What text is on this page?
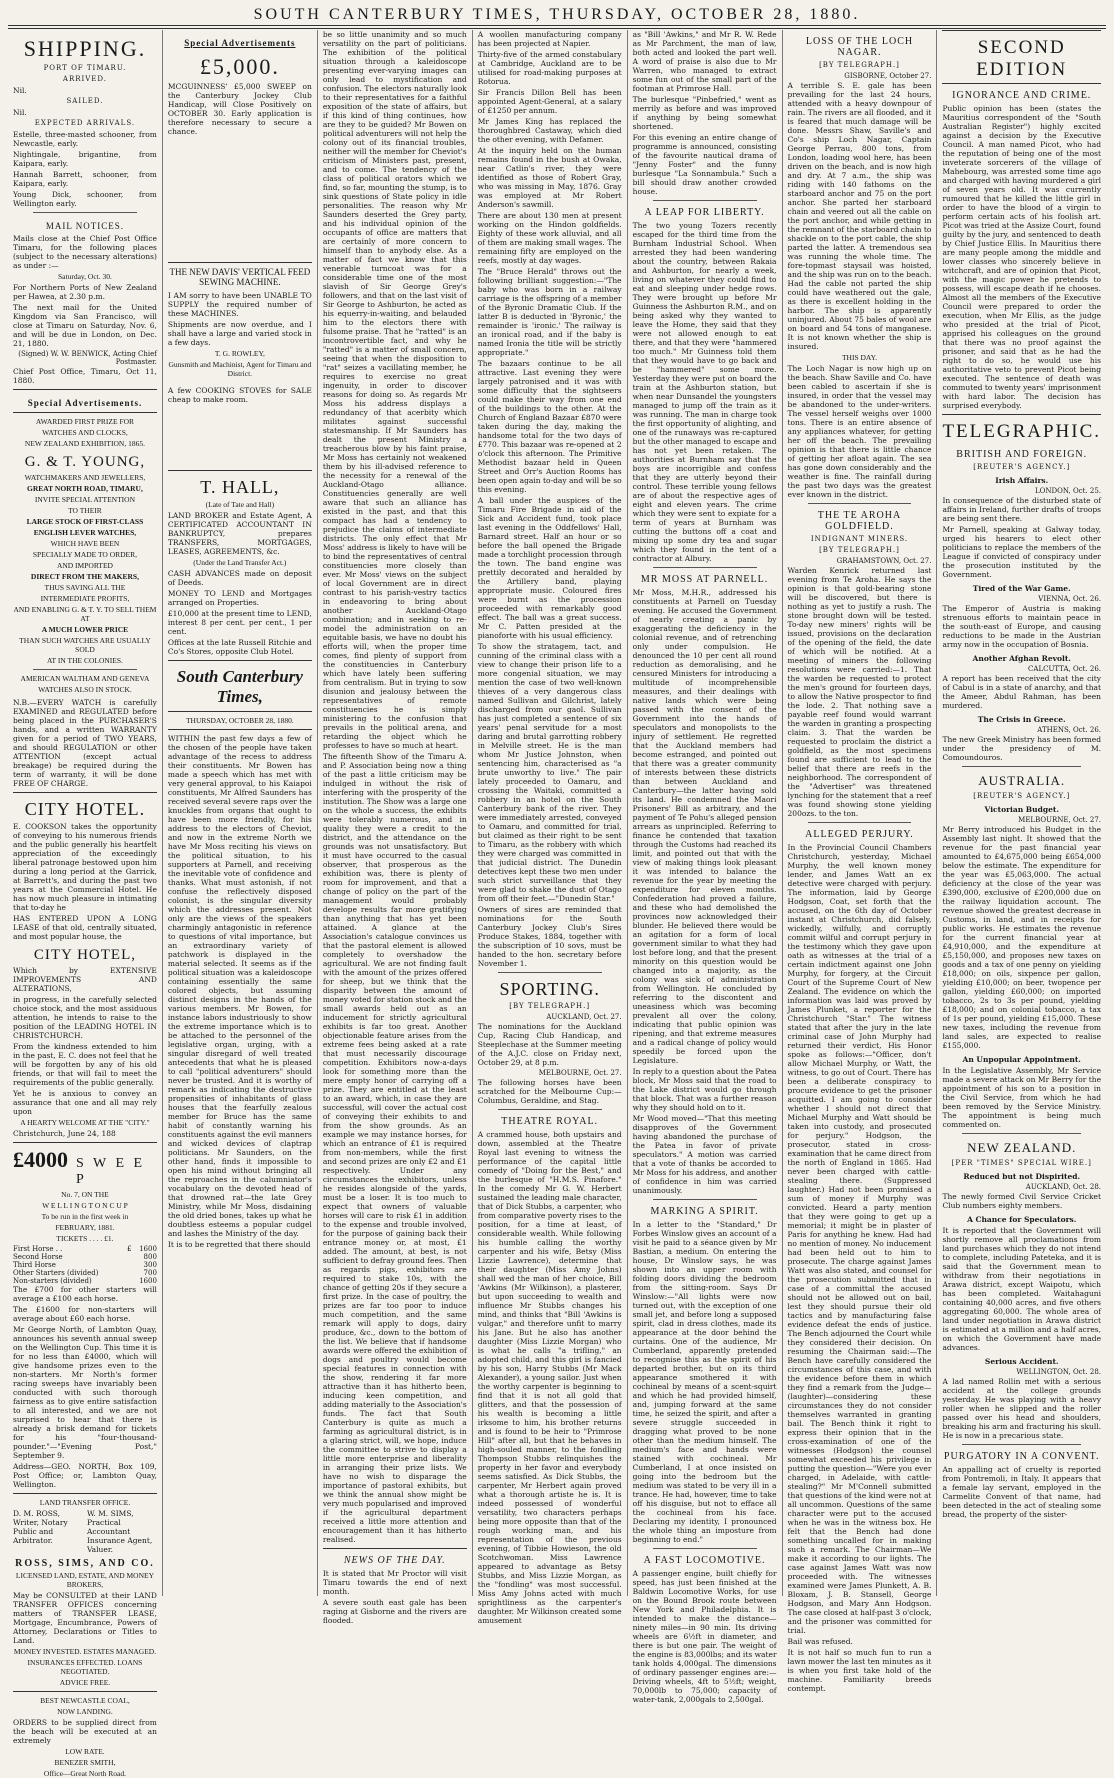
SOUTH CANTERBURY TIMES, THURSDAY, OCTOBER 28, 1880.
SHIPPING.
PORT OF TIMARU.
ARRIVED.

Nil.

SAILED.

Nil.

EXPECTED ARRIVALS.

Estelle, three-masted schooner, from Newcastle, early.

Nightingale, brigantine, from Kaipara, early.

Hannah Barrett, schooner, from Kaipara, early.

Young Dick, schooner, from Wellington early.

MAIL NOTICES.

Mails close at the Chief Post Office Timaru, for the following places (subject to the necessary alterations) as under :—

Saturday, Oct. 30.

For Northern Ports of New Zealand per Hawea, at 2.30 p.m.

The next mail for the United Kingdom via San Francisco, will close at Timaru on Saturday, Nov. 6, and will be due in London, on Dec. 21, 1880.

(Signed) W. W. BENWICK, Acting Chief Postmaster.

Chief Post Office, Timaru, Oct 11, 1880.

Special Advertisements.
AWARDED FIRST PRIZE FOR
WATCHES AND CLOCKS,
NEW ZEALAND EXHIBITION, 1865.
G. & T. YOUNG,
WATCHMAKERS AND JEWELLERS,
GREAT NORTH ROAD, TIMARU,
INVITE SPECIAL ATTENTION
TO THEIR
LARGE STOCK OF FIRST-CLASS
ENGLISH LEVER WATCHES,
WHICH HAVE BEEN
SPECIALLY MADE TO ORDER,
AND IMPORTED
DIRECT FROM THE MAKERS,
THUS SAVING ALL THE
INTERMEDIATE PROFITS,
AND ENABLING G. & T. Y. TO SELL THEM AT
A MUCH LOWER PRICE
THAN SUCH WATCHES ARE USUALLY SOLD
AT IN THE COLONIES.
AMERICAN WALTHAM AND GENEVA
WATCHES ALSO IN STOCK.

N.B.—EVERY WATCH is carefully EXAMINED and REGULATED before being placed in the PURCHASER'S hands, and a written WARRANTY given for a period of TWO YEARS, and should REGULATION or other ATTENTION (except actual breakage) be required during the term of warranty, it will be done FREE OF CHARGE.

CITY HOTEL.

E. COOKSON takes the opportunity of conveying to his numerous friends and the public generally his heartfelt appreciation of the exceedingly liberal patronage bestowed upon him during a long period at the Garrick, at Barrett's, and during the past two years at the Commercial Hotel. He has now much pleasure in intimating that to-day he

HAS ENTERED UPON A LONG LEASE of that old, centrally situated, and most popular house, the

CITY HOTEL,

Which by EXTENSIVE IMPROVEMENTS AND ALTERATIONS,

in progress, in the carefully selected choice stock, and the most assiduous attention, he intends to raise to the position of the LEADING HOTEL IN CHRISTCHURCH.

From the kindness extended to him in the past, E. C. does not feel that he will be forgotten by any of his old friends, or that will fail to meet the requirements of the public generally.

Yet he is anxious to convey an assurance that one and all may rely upon

A HEARTY WELCOME AT THE "CITY."

Christchurch, June 24, 188

£4000 S W E E P
No. 7, ON THE
W E L L I N G T O N C U P
To be run in the first week in
FEBRUARY, 1881.
TICKETS . . . . £1.
First Horse . .	£	1600
Second Horse		800
Third Horse		300
Other Starters (divided)		700
Non-starters (divided)		1600

The £700 for other starters will average a £100 each horse.

The £1600 for non-starters will average about £60 each horse.

Mr George North, of Lambton Quay, announces his seventh annual sweep on the Wellington Cup. This time it is for no less than £4000, which will give handsome prizes even to the non-starters. Mr North's former racing sweeps have invariably been conducted with such thorough fairness as to give entire satisfaction to all interested, and we are not surprised to hear that there is already a brisk demand for tickets for his "four-thousand-pounder."—"Evening Post," September 9.

Address—GEO. NORTH, Box 109, Post Office; or, Lambton Quay, Wellington.

LAND TRANSFER OFFICE.

D. M. ROSS, Writer, Notary Public and Arbitrator.

W. M. SIMS, Practical Accountant Insurance Agent, Valuer.

ROSS, SIMS, AND CO.
LICENSED LAND, ESTATE, AND MONEY BROKERS,

May be CONSULTED at their LAND TRANSFER OFFICES concerning matters of TRANSFER LEASE, Mortgage, Encumbrance, Powers of Attorney, Declarations or Titles to Land.

MONEY INVESTED. ESTATES MANAGED.
INSURANCES EFFECTED. LOANS NEGOTIATED.
ADVICE FREE.
BEST NEWCASTLE COAL,
NOW LANDING.

ORDERS to be supplied direct from the beach will be executed at an extremely

LOW RATE.
BENEZER SMITH,
Office—Great North Road.
Special Advertisements
£5,000.

MCGUINNESS' £5,000 SWEEP on the Canterbury Jockey Club Handicap, will Close Positively on OCTOBER 30. Early application is therefore necessary to secure a chance.

THE NEW DAVIS' VERTICAL FEED SEWING MACHINE.

I AM sorry to have been UNABLE TO SUPPLY the required number of these MACHINES.

Shipments are now overdue, and I shall have a large and varied stock in a few days.

T. G. ROWLEY,
Gunsmith and Machinist, Agent for Timaru and District.

A few COOKING STOVES for SALE cheap to make room.

T. HALL,
(Late of Tate and Hall)

LAND BROKER and Estate Agent, A CERTIFICATED ACCOUNTANT IN BANKRUPTCY, prepares TRANSFERS, MORTGAGES, LEASES, AGREEMENTS, &c.

(Under the Land Transfer Act.)

CASH ADVANCES made on deposit of Deeds.

MONEY TO LEND and Mortgages arranged on Properties.

£10,000 at the present time to LEND, interest 8 per cent. per cent., 1 per cent.

Offices at the late Russell Ritchie and Co's Stores, opposite Club Hotel.

South Canterbury Times,
THURSDAY, OCTOBER 28, 1880.

WITHIN the past few days a few of the chosen of the people have taken advantage of the recess to address their constituents. Mr Bowen has made a speech which has met with very general approval, to his Kaiapoi constituents, Mr Alfred Saunders has received several severe raps over the knuckles from organs that ought to have been more friendly, for his address to the electors of Cheviot, and now in the extreme North we have Mr Moss reciting his views on the political situation, to his supporters at Parnell, and receiving the inevitable vote of confidence and thanks. What must astonish, if not confuse the reflectively disposed colonist, is the singular diversity which the addresses present. Not only are the views of the speakers charmingly antagonistic in reference to questions of vital importance, but an extraordinary variety of patchwork is displayed in the material selected. It seems as if the political situation was a kaleidoscope containing essentially the same colored objects, but assuming distinct designs in the hands of the various members. Mr Bowen, for instance labors industriously to show the extreme importance which is to be attached to the personnel of the legislative organ, urging, with a singular disregard of well treated antecedents that what he is pleased to call "political adventurers" should never be trusted. And it is worthy of remark as indicating the destructive propensities of inhabitants of glass houses that the fearfully zealous member for Bruce has the same habit of constantly warning his constituents against the evil manners and wicked devices of claptrap politicians. Mr Saunders, on the other hand, finds it impossible to open his mind without bringing all the reproaches in the calumniator's vocabulary on the devoted head of that drowned rat—the late Grey Ministry, while Mr Moss, disdaining the old dried bones, takes up what he doubtless esteems a popular cudgel and lashes the Ministry of the day.

It is to be regretted that there should

be so little unanimity and so much versatility on the part of politicians. The exhibition of the political situation through a kaleidoscope presenting ever-varying images can only lead to mystification and confusion. The electors naturally look to their representatives for a faithful exposition of the state of affairs, but if this kind of thing continues, how are they to be guided? Mr Bowen on political adventurers will not help the colony out of its financial troubles, neither will the member for Cheviot's criticism of Ministers past, present, and to come. The tendency of the class of political orators which we find, so far, mounting the stump, is to sink questions of State policy in idle personalities. The reason why Mr Saunders deserted the Grey party, and his individual opinion of the occupants of office are matters that are certainly of more concern to himself than to anybody else. As a matter of fact we know that this venerable turncoat was for a considerable time one of the most slavish of Sir George Grey's followers, and that on the last visit of Sir George to Ashburton, he acted as his equerry-in-waiting, and belauded him to the electors there with fulsome praise. That he "ratted" is an incontrovertible fact, and why he "ratted" is a matter of small concern, seeing that when the disposition to "rat" seizes a vacillating member, he requires to exercise no great ingenuity, in order to discover reasons for doing so. As regards Mr Moss his address displays a redundancy of that acerbity which militates against successful statesmanship. If Mr Saunders has dealt the present Ministry a treacherous blow by his faint praise, Mr Moss has certainly not weakened them by his ill-advised reference to the necessity for a renewal of the Auckland-Otago alliance. Constituencies generally are well aware that such an alliance has existed in the past, and that this compact has had a tendency to prejudice the claims of intermediate districts. The only effect that Mr Moss' address is likely to have will be to bind the representatives of central constituencies more closely than ever. Mr Moss' views on the subject of local Government are in direct contrast to his parish-vestry tactics in endeavoring to bring about another Auckland-Otago combination; and in seeking to re-model the administration on an equitable basis, we have no doubt his efforts will, when the proper time comes, find plenty of support from the constituencies in Canterbury which have lately been suffering from centralism. But in trying to sow disunion and jealousy between the representatives of remote constituencies he is simply ministering to the confusion that prevails in the political arena, and retarding the object which he professes to have so much at heart.

The fifteenth Show of the Timaru A. and P. Association being now a thing of the past a little criticism may be indulged in without the risk of interfering with the prosperity of the institution. The Show was a large one on the whole a success, the exhibits were tolerably numerous, and in quality they were a credit to the district, and the attendance on the grounds was not unsatisfactory. But it must have occurred to the casual observer, that prosperous as the exhibition was, there is plenty of room for improvement, and that a change of policy on the part of the management would probably develope results far more gratifying than anything that has yet been attained. A glance at the Association's catalogue convinces us that the pastoral element is allowed completely to overshadow the agricultural. We are not finding fault with the amount of the prizes offered for sheep, but we think that the disparity between the amount of money voted for station stock and the small awards held out as an inducement for strictly agricultural exhibits is far too great. Another objectionable feature arises from the extreme fees being asked at a rate that must necessarily discourage competition. Exhibitors now-a-days look for something more than the mere empty honor of carrying off a prize. They are entitled at the least to an award, which, in case they are successful, will cover the actual cost of conveying their exhibits to and from the show grounds. As an example we may instance horses, for which an entrance of £1 is required from non-members, while the first and second prizes are only £2 and £1 respectively. Under any circumstances the exhibitors, unless he resides alongside of the yards, must be a loser. It is too much to expect that owners of valuable horses will care to risk £1 in addition to the expense and trouble involved, for the purpose of gaining back their entrance money or, at most, £1 added. The amount, at best, is not sufficient to defray ground fees. Then as regards pigs, exhibitors are required to stake 10s, with the chance of getting 20s if they secure a first prize. In the case of poultry, the prizes are far too poor to induce much competition, and the same remark will apply to dogs, dairy produce, &c., down to the bottom of the list. We believe that if handsome awards were offered the exhibition of dogs and poultry would become special features in connection with the show, rendering it far more attractive than it has hitherto been, inducing keen competition, and adding materially to the Association's funds. The fact that South Canterbury is quite as much a farming as agricultural district, is in a glaring strict, will, we hope, induce the committee to strive to display a little more enterprise and liberality in arranging their prize lists. We have no wish to disparage the importance of pastoral exhibits, but we think the annual show might be very much popularised and improved if the agricultural department received a little more attention and encouragement than it has hitherto realised.

NEWS OF THE DAY.

It is stated that Mr Proctor will visit Timaru towards the end of next month.

A severe south east gale has been raging at Gisborne and the rivers are flooded.

A woollen manufacturing company has been projected at Napier.

Thirty-five of the armed constabulary at Cambridge, Auckland are to be utilised for road-making purposes at Rotorua.

Sir Francis Dillon Bell has been appointed Agent-General, at a salary of £1250 per annum.

Mr James King has replaced the thoroughbred Castaway, which died the other evening, with Defamer.

At the inquiry held on the human remains found in the bush at Owaka, near Catlin's river, they were identified as those of Robert Gray, who was missing in May, 1876. Gray was employed at Mr Robert Anderson's sawmill.

There are about 130 men at present working on the Hindon goldfields. Eighty of these work alluvial, and all of them are making small wages. The remaining fifty are employed on the reefs, mostly at day wages.

The "Bruce Herald" throws out the following brilliant suggestion:—"The baby who was born in a railway carriage is the offspring of a member of the Byronic Dramatic Club. If the latter B is deducted in 'Byronic,' the remainder is 'ironic.' The railway is an ironical road, and if the baby is named Ironia the title will be strictly appropriate."

The bazaars continue to be all attractive. Last evening they were largely patronised and it was with some difficulty that the sightseers could make their way from one end of the buildings to the other. At the Church of England Bazaar £870 were taken during the day, making the handsome total for the two days of £770. This bazaar was re-opened at 2 o'clock this afternoon. The Primitive Methodist bazaar held in Queen Street and Orr's Auction Rooms has been open again to-day and will be so this evening.

A ball under the auspices of the Timaru Fire Brigade in aid of the Sick and Accident fund, took place last evening in the Oddfellows' Hall, Barnard street. Half an hour or so before the ball opened the Brigade made a torchlight procession through the town. The band engine was prettily decorated and heralded by the Artillery band, playing appropriate music. Coloured fires were burnt as the procession proceeded with remarkably good effect. The ball was a great success. Mr C. Patten presided at the pianoforte with his usual efficiency.

To show the stratagem, tact, and cunning of the criminal class with a view to change their prison life to a more congenial situation, we may mention the case of two well-known thieves of a very dangerous class named Sullivan and Gilchrist, lately discharged from our gaol. Sullivan has just completed a sentence of six years' penal servitude for a most daring and brutal garrotting robbery in Melville street. He is the man whom Mr Justice Johnston, when sentencing him, characterised as "a brute unworthy to live." The pair lately proceeded to Oamaru, and crossing the Waitaki, committed a robbery in an hotel on the South Canterbury bank of the river. They were immediately arrested, conveyed to Oamaru, and committed for trial, but claimed as their right to be sent to Timaru, as the robbery with which they were charged was committed in that judicial district. The Dunedin detectives kept these two men under such strict surveillance that they were glad to shake the dust of Otago from off their feet.—"Dunedin Star."

Owners of sires are reminded that nominations for the South Canterbury Jockey Club's Sires Produce Stakes, 1884, together with the subscription of 10 sovs, must be handed to the hon. secretary before November 1.

SPORTING.
[BY TELEGRAPH.]
AUCKLAND, Oct. 27.

The nominations for the Auckland Cup, Racing Club Handicap, and Steeplechase at the Summer meeting of the A.J.C. close on Friday next, October 29, at 8 p.m.

MELBOURNE, Oct. 27.

The following horses have been scratched for the Melbourne Cup:— Columbus, Geraldine, and Stag.

THEATRE ROYAL.

A crammed house, both upstairs and down, assembled at the Theatre Royal last evening to witness the performance of the capital little comedy of "Doing for the Best," and the burlesque of "H.M.S. Pinafore." In the comedy Mr G. W. Herbert sustained the leading male character, that of Dick Stubbs, a carpenter, who from comparative poverty rises to the position, for a time at least, of considerable wealth. While following his humble calling the worthy carpenter and his wife, Betsy (Miss Lizzie Lawrence), determine that their daughter (Miss Amy Johns) shall wed the man of her choice, Bill 'Awkins (Mr Wilkinson), a plasterer, but upon succeeding to wealth and influence Mr Stubbs changes his mind, and thinks that "Bill 'Awkins is vulgar," and therefore unfit to marry his Jane. But he also has another daughter (Miss Lizzie Morgan) who is what he calls "a trifling," an adopted child, and this girl is fancied by his son, Harry Stubbs (Mr Mack Alexander), a young sailor. Just when the worthy carpenter is beginning to find that it is not all gold that glitters, and that the possession of his wealth is becoming a little irksome to him, his brother returns and is found to be heir to "Primrose Hill" after all, but that he behaves in high-souled manner, to the fondling Thompson Stubbs relinquishes the property in her favor and everybody seems satisfied. As Dick Stubbs, the carpenter, Mr Herbert again proved what a thorough artiste he is. It is indeed possessed of wonderful versatility, two characters perhaps being more opposite than that of the rough working man, and his representation of the previous evening, of Tibbie Howieson, the old Scotchwoman. Miss Lawrence appeared to advantage as Betsy Stubbs, and Miss Lizzie Morgan, as the "fondling" was most successful. Miss Amy Johns acted with much sprightliness as the carpenter's daughter. Mr Wilkinson created some amusement

as "Bill 'Awkins," and Mr R. W. Rede as Mr Parchment, the man of law, both acted and looked the part well. A word of praise is also due to Mr Warren, who managed to extract some fun out of the small part of the footman at Primrose Hall.

The burlesque "Pinbefried," went as merrily as before and was improved if anything by being somewhat shortened.

For this evening an entire change of programme is announced, consisting of the favourite nautical drama of "Jenny Foster" and the funny burlesque "La Sonnambula." Such a bill should draw another crowded house.

A LEAP FOR LIBERTY.

The two young Tozers recently escaped for the third time from the Burnham Industrial School. When arrested they had been wandering about the country, between Rakaia and Ashburton, for nearly a week, living on whatever they could find to eat and sleeping under hedge rows. They were brought up before Mr Guinness the Ashburton R.M., and on being asked why they wanted to leave the Home, they said that they were not allowed enough to eat there, and that they were "hammered too much." Mr Guinness told them that they would have to go back and be "hammered" some more. Yesterday they were put on board the train at the Ashburton station, but when near Dunsandel the youngsters managed to jump off the train as it was running. The man in charge took the first opportunity of alighting, and one of the runaways was re-captured but the other managed to escape and has not yet been retaken. The authorities at Burnham say that the boys are incorrigible and confess that they are utterly beyond their control. These terrible young fellows are of about the respective ages of eight and eleven years. The crime which they were sent to expiate for a term of years at Burnham was cutting the buttons off a coat and mixing up some dry tea and sugar which they found in the tent of a contractor at Albury.

MR MOSS AT PARNELL.

Mr Moss, M.H.R., addressed his constituents at Parnell on Tuesday evening. He accused the Government of nearly creating a panic by exaggerating the deficiency in the colonial revenue, and of retrenching only under compulsion. He denounced the 10 per cent all round reduction as demoralising, and he censured Ministers for introducing a multitude of incomprehensible measures, and their dealings with native lands which were being passed with the consent of the Government into the hands of speculators and monopolists to the injury of settlement. He regretted that the Auckland members had become estranged, and pointed out that there was a greater community of interests between these districts than between Auckland and Canterbury—the latter having sold its land. He condemned the Maori Prisoners' Bill as arbitrary, and the payment of Te Pohu's alleged pension arrears as unprincipled. Referring to finance he contended that taxation through the Customs had reached its limit, and pointed out that with the view of making things look pleasant it was intended to balance the revenue for the year by meeting the expenditure for eleven months. Confederation had proved a failure, and these who had demolished the provinces now acknowledged their blunder. He believed there would be an agitation for a form of local government similar to what they had lost before long, and that the present minority on this question would be changed into a majority, as the colony was sick of administration from Wellington. He concluded by referring to the discontent and uneasiness which was becoming prevalent all over the colony, indicating that public opinion was ripening, and that extreme measures and a radical change of policy would speedily be forced upon the Legislature.

In reply to a question about the Patea block, Mr Moss said that the road to the Lake district would go through that block. That was a further reason why they should hold on to it.

Mr Wood moved—"That this meeting disapproves of the Government having abandoned the purchase of the Patea in favor of private speculators." A motion was carried that a vote of thanks be accorded to Mr Moss for his address, and another of confidence in him was carried unanimously.

MARKING A SPIRIT.

In a letter to the "Standard," Dr Forbes Winslow gives an account of a visit he paid to a séance given by Mr Bastian, a medium. On entering the house, Dr Winslow says, he was shown into an upper room with folding doors dividing the bedroom from the sitting-room. Says Dr Winslow:—"All lights were now turned out, with the exception of one small jet, and before long a supposed spirit, clad in dress clothes, made its appearance at the door behind the curtains. One of the audience, Mr Cumberland, apparently pretended to recognise this as the spirit of his departed brother, but on its third appearance smothered it with cochineal by means of a scent-squirt and which he had provided himself, and, jumping forward at the same time, he seized the spirit, and after a severe struggle succeeded in dragging what proved to be none other than the medium himself. The medium's face and hands were stained with cochineal. Mr Cumberland, I at once insisted on going into the bedroom but the medium was stated to be very ill in a trance. He had, however, time to take off his disguise, but not to efface all the cochineal from his face. Declaring my identity, I pronounced the whole thing an imposture from beginning to end."

A FAST LOCOMOTIVE.

A passenger engine, built chiefly for speed, has just been finished at the Baldwin Locomotive Works, for use on the Bound Brook route between New York and Philadelphia. It is intended to make the distance—ninety miles—in 90 min. Its driving wheels are 6½ft in diameter, and there is but one pair. The weight of the engine is 83,000lbs; and its water tank holds 4,000gal. The dimensions of ordinary passenger engines are:—Driving wheels, 4ft to 5½ft; weight, 70,000lb to 75,000; capacity of water-tank, 2,000gals to 2,500gal.

LOSS OF THE LOCH NAGAR.
[BY TELEGRAPH.]
GISBORNE, October 27.

A terrible S. E. gale has been prevailing for the last 24 hours, attended with a heavy downpour of rain. The rivers are all flooded, and it is feared that much damage will be done. Messrs Shaw, Saville's and Co's ship Loch Nagar, Captain George Perrau, 800 tons, from London, loading wool here, has been driven on the beach, and is now high and dry. At 7 a.m., the ship was riding with 140 fathoms on the starboard anchor and 75 on the port anchor. She parted her starboard chain and veered out all the cable on the port anchor, and while getting in the remnant of the starboard chain to shackle on to the port cable, the ship parted the latter. A tremendous sea was running the whole time. The fore-topmast staysail was hoisted, and the ship was run on to the beach. Had the cable not parted the ship could have weathered out the gale, as there is excellent holding in the harbor. The ship is apparently uninjured. About 75 bales of wool are on board and 54 tons of manganese. It is not known whether the ship is insured.

THIS DAY.

The Loch Nagar is now high up on the beach. Shaw Saville and Co. have been cabled to ascertain if she is insured, in order that the vessel may be abandoned to the under-writers. The vessel herself weighs over 1000 tons. There is an entire absence of any appliances whatever, for getting her off the beach. The prevailing opinion is that there is little chance of getting her afloat again. The sea has gone down considerably and the weather is fine. The rainfall during the past two days was the greatest ever known in the district.

THE TE AROHA GOLDFIELD.
INDIGNANT MINERS.
[BY TELEGRAPH.]
GRAHAMSTOWN, Oct. 27.

Warden Kenrick returned last evening from Te Aroha. He says the opinion is that gold-bearing stone will be discovered, but there is nothing as yet to justify a rush. The stone brought down will be tested. To-day new miners' rights will be issued, provisions on the declaration of the opening of the field, the date of which will be notified. At a meeting of miners the following resolutions were carried:—1. That the warden be requested to protect the men's ground for fourteen days, to allow the Native prospector to find the lode. 2. That nothing save a payable reef found would warrant the warden in granting a prospecting claim. 3. That the warden be requested to proclaim the district a goldfield, as the most specimens found are sufficient to lead to the belief that there are reefs in the neighborhood. The correspondent of the "Advertiser" was threatened lynching for the statement that a reef was found showing stone yielding 200ozs. to the ton.

ALLEGED PERJURY.

In the Provincial Council Chambers Christchurch, yesterday, Michael Murphy, the well known money lender, and James Watt an ex detective were charged with perjury. The information, laid by George Hodgson, Coat, set forth that the accused, on the 6th day of October instant at Christchurch, did falsely, wickedly, wilfully, and corruptly commit wilful and corrupt perjury in the testimony which they gave upon oath as witnesses at the trial of a certain indictment against one John Murphy, for forgery, at the Circuit Court of the Supreme Court of New Zealand. The evidence on which the information was laid was proved by James Plunket, a reporter for the Christchurch "Star." The witness stated that after the jury in the late criminal case of John Murphy had returned their verdict, His Honor spoke as follows:—"Officer, don't allow Michael Murphy, or Watt, the witness, to go out of Court. There has been a deliberate conspiracy to procure evidence to get the prisoner acquitted. I am going to consider whether I should not direct that Michael Murphy and Watt should be taken into custody, and prosecuted for perjury." Hodgson, the prosecutor, stated in cross-examination that he came direct from the north of England in 1865. Had never been charged with cattle-stealing there. (Suppressed laughter.) Had not been promised a sum of money if Murphy was convicted. Heard a party mention that they were going to get up a memorial; it might be in plaster of Paris for anything he knew. Had had no mention of money. No inducement had been held out to him to prosecute. The charge against James Watt was also stated, and counsel for the prosecution submitted that in case of a committal the accused should not be allowed out on bail, lest they should pursue their old tactics and by manufacturing false evidence defeat the ends of justice. The Bench adjourned the Court while they considered their decision. On resuming the Chairman said:—The Bench have carefully considered the circumstances of this case, and with the evidence before them in which they find a remark from the Judge—(laughter)—considering these circumstances they do not consider themselves warranted in granting bail. The Bench think it right to express their opinion that in the cross-examination of one of the witnesses (Hodgson) the counsel somewhat exceeded his privilege in putting the question—"Were you ever charged, in Adelaide, with cattle-stealing?" Mr M'Connell submitted that questions of the kind were not at all uncommon. Questions of the same character were put to the accused when he was in the witness box. He felt that the Bench had done something uncalled for in making such a remark. The Chairman—We make it according to our lights. The case against James Watt was now proceeded with. The witnesses examined were James Plunkett, A. B. Bloxam, J. B. Stansell, George Hodgson, and Mary Ann Hodgson. The case closed at half-past 3 o'clock, and the prisoner was committed for trial.

Bail was refused.

It is not half so much fun to run a lawn mower the last ten minutes as it is when you first take hold of the machine. Familiarity breeds contempt.

SECOND EDITION
IGNORANCE AND CRIME.

Public opinion has been (states the Mauritius correspondent of the "South Australian Register") highly excited against a decision by the Executive Council. A man named Picot, who had the reputation of being one of the most inveterate sorcerers of the village of Mahebourg, was arrested some time ago and charged with having murdered a girl of seven years old. It was currently rumoured that he killed the little girl in order to have the blood of a virgin to perform certain acts of his foolish art. Picot was tried at the Assize Court, found guilty by the jury, and sentenced to death by Chief Justice Ellis. In Mauritius there are many people among the middle and lower classes who sincerely believe in witchcraft, and are of opinion that Picot, with the magic power he pretends to possess, will escape death if he chooses. Almost all the members of the Executive Council were prepared to order the execution, when Mr Ellis, as the judge who presided at the trial of Picot, apprised his colleagues on the ground that there was no proof against the prisoner, and said that as he had the right to do so, he would use his authoritative veto to prevent Picot being executed. The sentence of death was commuted to twenty years' imprisonment with hard labor. The decision has surprised everybody.

TELEGRAPHIC.
BRITISH AND FOREIGN.
[REUTER'S AGENCY.]
Irish Affairs.
LONDON, Oct. 25.

In consequence of the disturbed state of affairs in Ireland, further drafts of troops are being sent there.

Mr Parnell, speaking at Galway today, urged his hearers to elect other politicians to replace the members of the League if convicted of conspiracy under the prosecution instituted by the Government.

Tired of the War Game.
VIENNA, Oct. 26.

The Emperor of Austria is making strenuous efforts to maintain peace in the south-east of Europe, and causing reductions to be made in the Austrian army now in the occupation of Bosnia.

Another Afghan Revolt.
CALCUTTA, Oct. 26.

A report has been received that the city of Cabul is in a state of anarchy, and that the Ameer, Abdul Rahman, has been murdered.

The Crisis in Greece.
ATHENS, Oct. 26.

The new Greek Ministry has been formed under the presidency of M. Comoundouros.

AUSTRALIA.
[REUTER'S AGENCY.]
Victorian Budget.
MELBOURNE, Oct. 27.

Mr Berry introduced his Budget in the Assembly last night. It showed that the revenue for the past financial year amounted to £4,675,000 being £654,000 below the estimate. The expenditure for the year was £5,063,000. The actual deficiency at the close of the year was £390,000, exclusive of £200,000 due on the railway liquidation account. The revenue showed the greatest decrease in Customs, in land, and in receipts for public works. He estimates the revenue for the current financial year at £4,910,000, and the expenditure at £5,150,000, and proposes new taxes on goods and a tax of one penny on yielding £18,000; on oils, sixpence per gallon, yielding £10,000; on beer, twopence per gallon, yielding £60,000; on imported tobacco, 2s to 3s per pound, yielding £18,000; and on colonial tobacco, a tax of 1s per pound, yielding £15,000. These new taxes, including the revenue from land sales, are expected to realise £155,000.

An Unpopular Appointment.

In the Legislative Assembly, Mr Service made a severe attack on Mr Berry for the appointment of his son to a position in the Civil Service, from which he had been removed by the Service Ministry. The appointment is being much commented on.

NEW ZEALAND.
[PER "TIMES" SPECIAL WIRE.]
Reduced but not Dispirited.
AUCKLAND, Oct. 28.

The newly formed Civil Service Cricket Club numbers eighty members.

A Chance for Speculators.

It is reported that the Government will shortly remove all proclamations from land purchases which they do not intend to complete, including Pateteka, and it is said that the Government mean to withdraw from their negotiations in Arawa district, except Waipotu, which has been completed. Waitahaguni containing 40,000 acres, and five others aggregating 60,000. The whole area of land under negotiation in Arawa district is estimated at a million and a half acres, on which the Government have made advances.

Serious Accident.
WELLINGTON, Oct. 28.

A lad named Rollin met with a serious accident at the college grounds yesterday. He was playing with a heavy roller when he slipped and the roller passed over his head and shoulders, breaking his arm and fracturing his skull. He is now in a precarious state.

PURGATORY IN A CONVENT.

An appalling act of cruelty is reported from Pontremoli, in Italy. It appears that a female lay servant, employed in the Carmelite Convent of that name, had been detected in the act of stealing some bread, the property of the sister-
